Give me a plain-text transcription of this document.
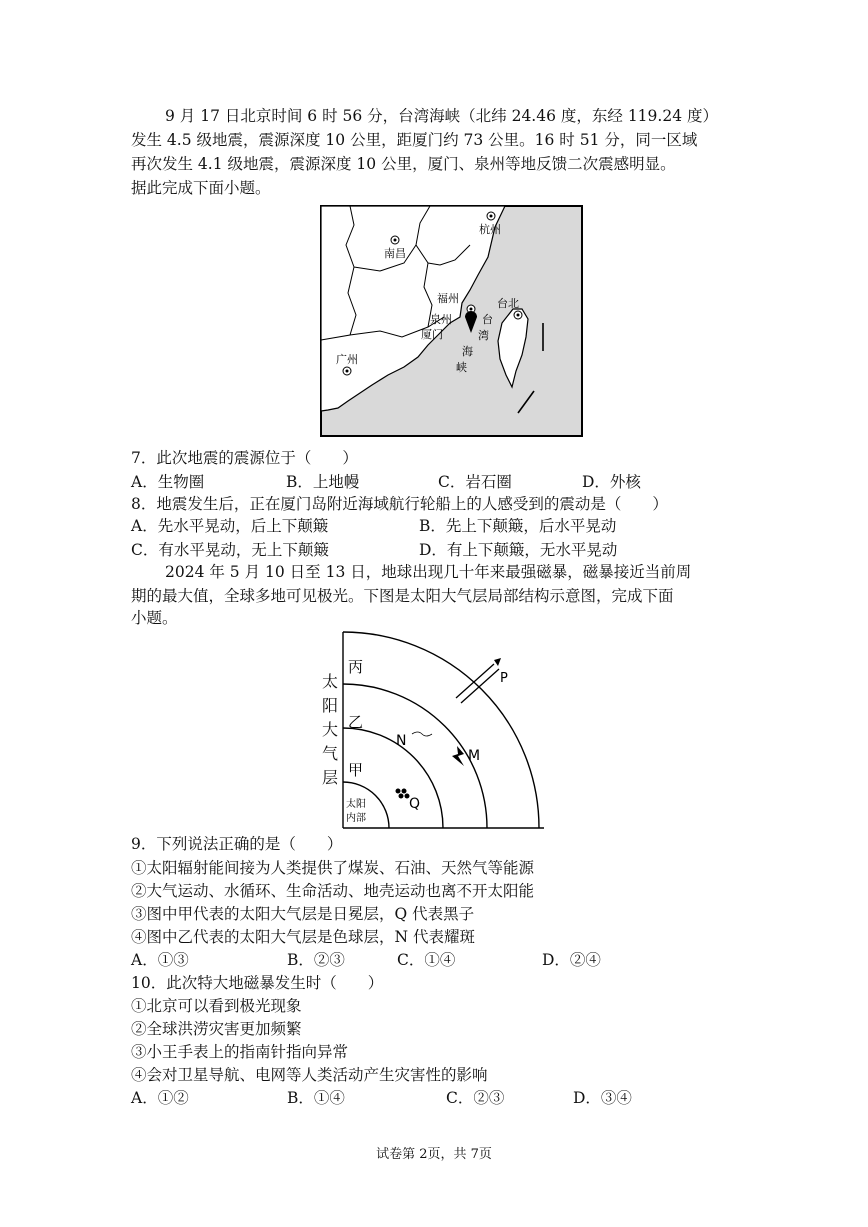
9 月 17 日北京时间 6 时 56 分，台湾海峡（北纬 24.46 度，东经 119.24 度）
发生 4.5 级地震，震源深度 10 公里，距厦门约 73 公里。16 时 51 分，同一区域
再次发生 4.1 级地震，震源深度 10 公里，厦门、泉州等地反馈二次震感明显。
据此完成下面小题。
杭州
南昌
福州	台北
泉州
厦门
广州
台
湾
海
峡
7．此次地震的震源位于（　　）
A．生物圈	B．上地幔	C．岩石圈	D．外核
8．地震发生后，正在厦门岛附近海域航行轮船上的人感受到的震动是（　　）
A．先水平晃动，后上下颠簸	B．先上下颠簸，后水平晃动
C．有水平晃动，无上下颠簸	D．有上下颠簸，无水平晃动
2024 年 5 月 10 日至 13 日，地球出现几十年来最强磁暴，磁暴接近当前周
期的最大值，全球多地可见极光。下图是太阳大气层局部结构示意图，完成下面
小题。
丙
乙
甲
太阳
内部
P
N
M
Q
太
阳
大
气
层
9．下列说法正确的是（　　）
①太阳辐射能间接为人类提供了煤炭、石油、天然气等能源
②大气运动、水循环、生命活动、地壳运动也离不开太阳能
③图中甲代表的太阳大气层是日冕层，Q 代表黑子
④图中乙代表的太阳大气层是色球层，N 代表耀斑
A．①③	B．②③	C．①④	D．②④
10．此次特大地磁暴发生时（　　）
①北京可以看到极光现象
②全球洪涝灾害更加频繁
③小王手表上的指南针指向异常
④会对卫星导航、电网等人类活动产生灾害性的影响
A．①②	B．①④	C．②③	D．③④
试卷第 2页，共 7页
